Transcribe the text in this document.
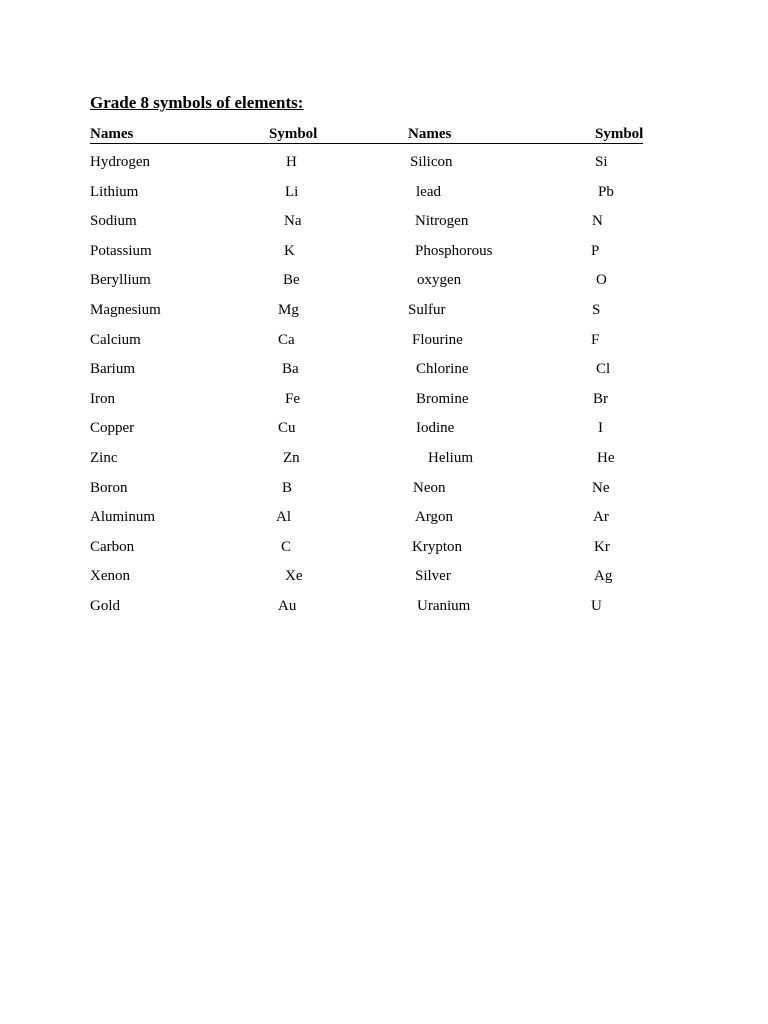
Grade 8 symbols of elements:
Names	Symbol	Names	Symbol
Hydrogen	H	Silicon	Si
Lithium	Li	lead	Pb
Sodium	Na	Nitrogen	N
Potassium	K	Phosphorous	P
Beryllium	Be	oxygen	O
Magnesium	Mg	Sulfur	S
Calcium	Ca	Flourine	F
Barium	Ba	Chlorine	Cl
Iron	Fe	Bromine	Br
Copper	Cu	Iodine	I
Zinc	Zn	Helium	He
Boron	B	Neon	Ne
Aluminum	Al	Argon	Ar
Carbon	C	Krypton	Kr
Xenon	Xe	Silver	Ag
Gold	Au	Uranium	U
